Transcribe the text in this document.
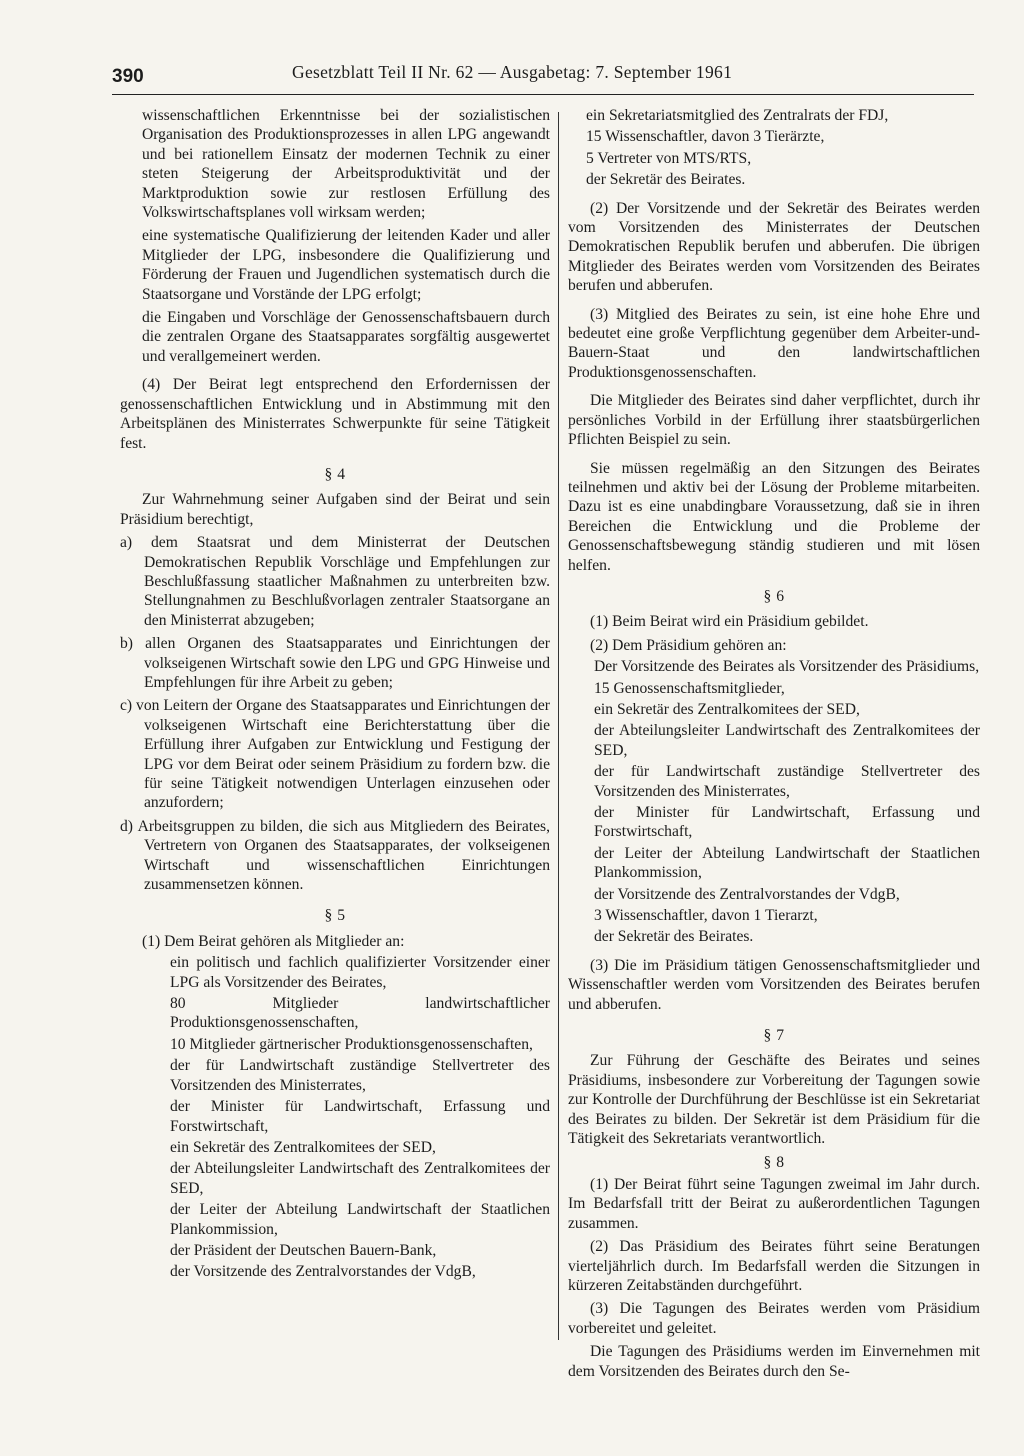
390	Gesetzblatt Teil II Nr. 62 — Ausgabetag: 7. September 1961

wissenschaftlichen Erkenntnisse bei der sozialistischen Organisation des Produktionsprozesses in allen LPG angewandt und bei rationellem Einsatz der modernen Technik zu einer steten Steigerung der Arbeitsproduktivität und der Marktproduktion sowie zur restlosen Erfüllung des Volkswirtschaftsplanes voll wirksam werden;

eine systematische Qualifizierung der leitenden Kader und aller Mitglieder der LPG, insbesondere die Qualifizierung und Förderung der Frauen und Jugendlichen systematisch durch die Staatsorgane und Vorstände der LPG erfolgt;

die Eingaben und Vorschläge der Genossenschaftsbauern durch die zentralen Organe des Staatsapparates sorgfältig ausgewertet und verallgemeinert werden.

(4) Der Beirat legt entsprechend den Erfordernissen der genossenschaftlichen Entwicklung und in Abstimmung mit den Arbeitsplänen des Ministerrates Schwerpunkte für seine Tätigkeit fest.

§ 4

Zur Wahrnehmung seiner Aufgaben sind der Beirat und sein Präsidium berechtigt,

a) dem Staatsrat und dem Ministerrat der Deutschen Demokratischen Republik Vorschläge und Empfehlungen zur Beschlußfassung staatlicher Maßnahmen zu unterbreiten bzw. Stellungnahmen zu Beschlußvorlagen zentraler Staatsorgane an den Ministerrat abzugeben;

b) allen Organen des Staatsapparates und Einrichtungen der volkseigenen Wirtschaft sowie den LPG und GPG Hinweise und Empfehlungen für ihre Arbeit zu geben;

c) von Leitern der Organe des Staatsapparates und Einrichtungen der volkseigenen Wirtschaft eine Berichterstattung über die Erfüllung ihrer Aufgaben zur Entwicklung und Festigung der LPG vor dem Beirat oder seinem Präsidium zu fordern bzw. die für seine Tätigkeit notwendigen Unterlagen einzusehen oder anzufordern;

d) Arbeitsgruppen zu bilden, die sich aus Mitgliedern des Beirates, Vertretern von Organen des Staatsapparates, der volkseigenen Wirtschaft und wissenschaftlichen Einrichtungen zusammensetzen können.

§ 5

(1) Dem Beirat gehören als Mitglieder an:

ein politisch und fachlich qualifizierter Vorsitzender einer LPG als Vorsitzender des Beirates,

80 Mitglieder landwirtschaftlicher Produktionsgenossenschaften,

10 Mitglieder gärtnerischer Produktionsgenossenschaften,

der für Landwirtschaft zuständige Stellvertreter des Vorsitzenden des Ministerrates,

der Minister für Landwirtschaft, Erfassung und Forstwirtschaft,

ein Sekretär des Zentralkomitees der SED,

der Abteilungsleiter Landwirtschaft des Zentralkomitees der SED,

der Leiter der Abteilung Landwirtschaft der Staatlichen Plankommission,

der Präsident der Deutschen Bauern-Bank,

der Vorsitzende des Zentralvorstandes der VdgB,

ein Sekretariatsmitglied des Zentralrats der FDJ,

15 Wissenschaftler, davon 3 Tierärzte,

5 Vertreter von MTS/RTS,

der Sekretär des Beirates.

(2) Der Vorsitzende und der Sekretär des Beirates werden vom Vorsitzenden des Ministerrates der Deutschen Demokratischen Republik berufen und abberufen. Die übrigen Mitglieder des Beirates werden vom Vorsitzenden des Beirates berufen und abberufen.

(3) Mitglied des Beirates zu sein, ist eine hohe Ehre und bedeutet eine große Verpflichtung gegenüber dem Arbeiter-und-Bauern-Staat und den landwirtschaftlichen Produktionsgenossenschaften.

Die Mitglieder des Beirates sind daher verpflichtet, durch ihr persönliches Vorbild in der Erfüllung ihrer staatsbürgerlichen Pflichten Beispiel zu sein.

Sie müssen regelmäßig an den Sitzungen des Beirates teilnehmen und aktiv bei der Lösung der Probleme mitarbeiten. Dazu ist es eine unabdingbare Voraussetzung, daß sie in ihren Bereichen die Entwicklung und die Probleme der Genossenschaftsbewegung ständig studieren und mit lösen helfen.

§ 6

(1) Beim Beirat wird ein Präsidium gebildet.

(2) Dem Präsidium gehören an:

Der Vorsitzende des Beirates als Vorsitzender des Präsidiums,

15 Genossenschaftsmitglieder,

ein Sekretär des Zentralkomitees der SED,

der Abteilungsleiter Landwirtschaft des Zentralkomitees der SED,

der für Landwirtschaft zuständige Stellvertreter des Vorsitzenden des Ministerrates,

der Minister für Landwirtschaft, Erfassung und Forstwirtschaft,

der Leiter der Abteilung Landwirtschaft der Staatlichen Plankommission,

der Vorsitzende des Zentralvorstandes der VdgB,

3 Wissenschaftler, davon 1 Tierarzt,

der Sekretär des Beirates.

(3) Die im Präsidium tätigen Genossenschaftsmitglieder und Wissenschaftler werden vom Vorsitzenden des Beirates berufen und abberufen.

§ 7

Zur Führung der Geschäfte des Beirates und seines Präsidiums, insbesondere zur Vorbereitung der Tagungen sowie zur Kontrolle der Durchführung der Beschlüsse ist ein Sekretariat des Beirates zu bilden. Der Sekretär ist dem Präsidium für die Tätigkeit des Sekretariats verantwortlich.

§ 8

(1) Der Beirat führt seine Tagungen zweimal im Jahr durch. Im Bedarfsfall tritt der Beirat zu außerordentlichen Tagungen zusammen.

(2) Das Präsidium des Beirates führt seine Beratungen vierteljährlich durch. Im Bedarfsfall werden die Sitzungen in kürzeren Zeitabständen durchgeführt.

(3) Die Tagungen des Beirates werden vom Präsidium vorbereitet und geleitet.

Die Tagungen des Präsidiums werden im Einvernehmen mit dem Vorsitzenden des Beirates durch den Se-
